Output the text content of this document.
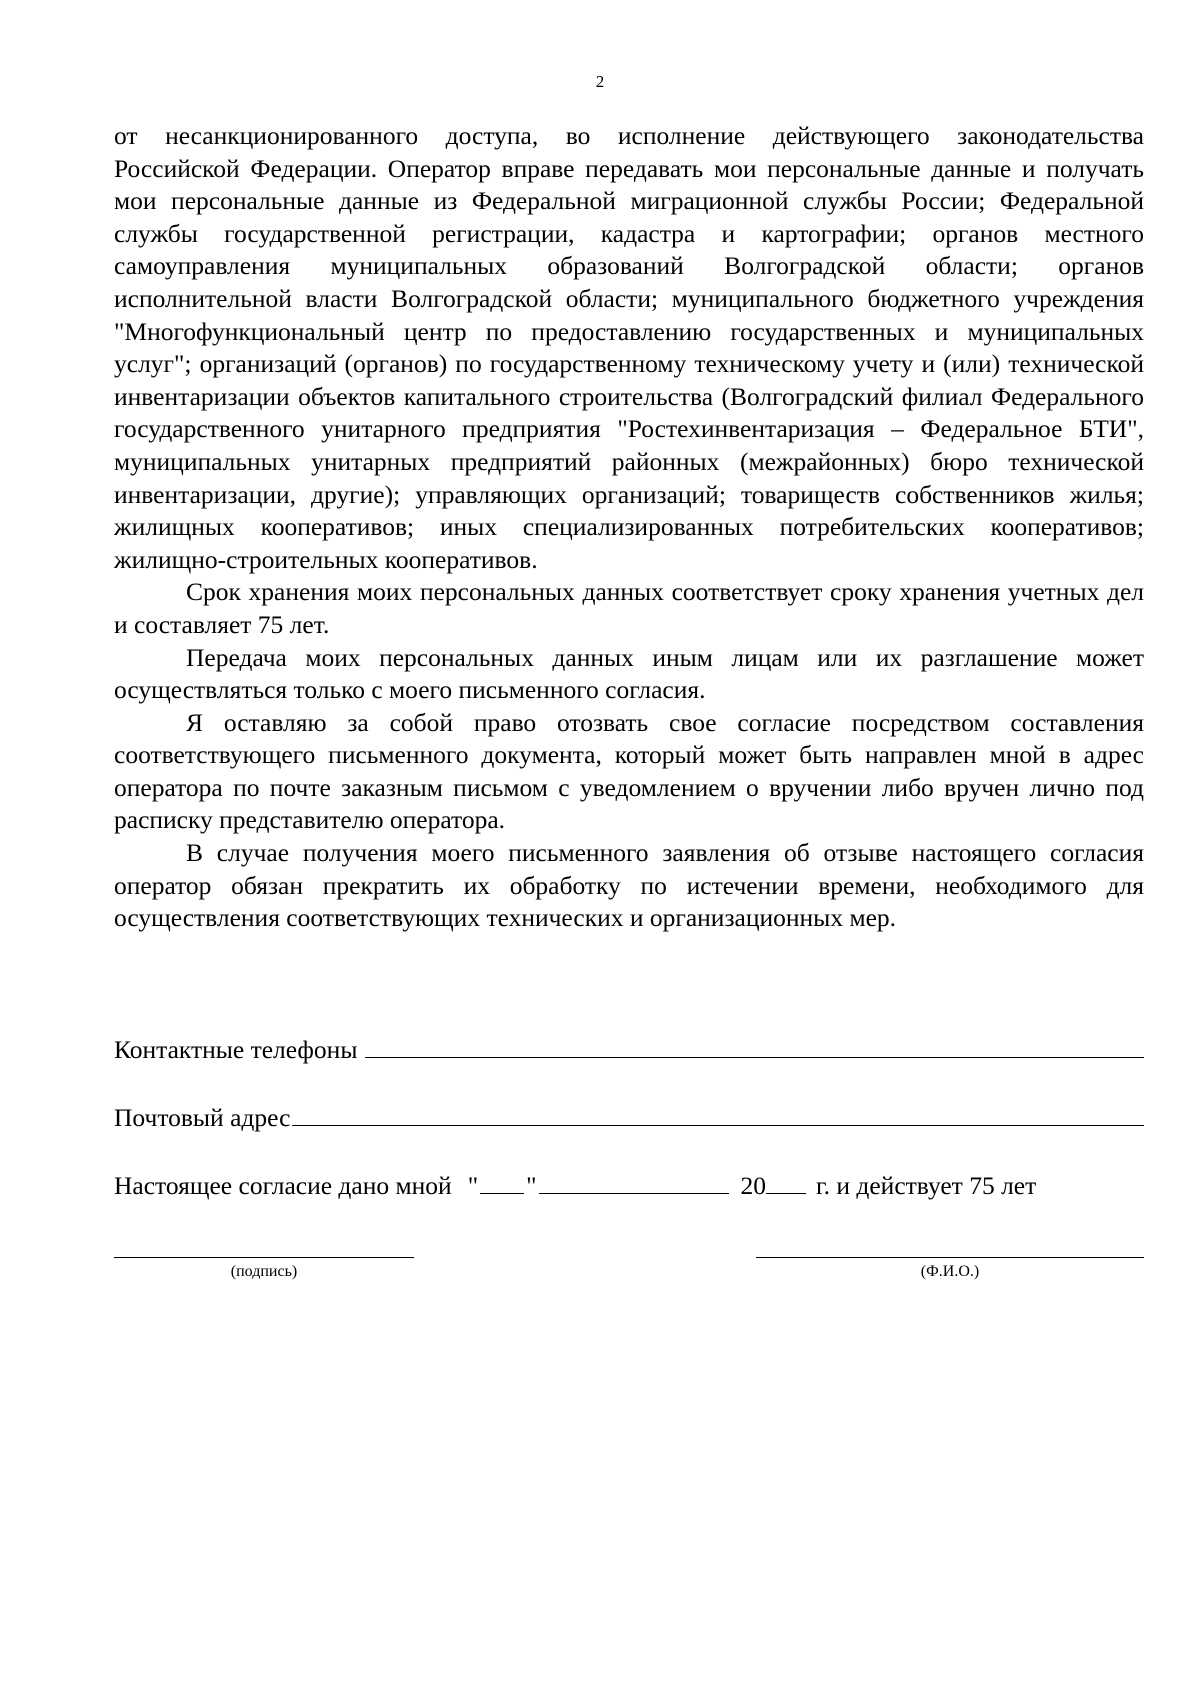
2

от несанкционированного доступа, во исполнение действующего законодательства Российской Федерации. Оператор вправе передавать мои персональные данные и получать мои персональные данные из Федеральной миграционной службы России; Федеральной службы государственной регистрации, кадастра и картографии; органов местного самоуправления муниципальных образований Волгоградской области; органов исполнительной власти Волгоградской области; муниципального бюджетного учреждения "Многофункциональный центр по предоставлению государственных и муниципальных услуг"; организаций (органов) по государственному техническому учету и (или) технической инвентаризации объектов капитального строительства (Волгоградский филиал Федерального государственного унитарного предприятия "Ростехинвентаризация – Федеральное БТИ", муниципальных унитарных предприятий районных (межрайонных) бюро технической инвентаризации, другие); управляющих организаций; товариществ собственников жилья; жилищных кооперативов; иных специализированных потребительских кооперативов; жилищно-строительных кооперативов.

Срок хранения моих персональных данных соответствует сроку хранения учетных дел и составляет 75 лет.

Передача моих персональных данных иным лицам или их разглашение может осуществляться только с моего письменного согласия.

Я оставляю за собой право отозвать свое согласие посредством составления соответствующего письменного документа, который может быть направлен мной в адрес оператора по почте заказным письмом с уведомлением о вручении либо вручен лично под расписку представителю оператора.

В случае получения моего письменного заявления об отзыве настоящего согласия оператор обязан прекратить их обработку по истечении времени, необходимого для осуществления соответствующих технических и организационных мер.

Контактные телефоны
Почтовый адрес
Настоящее согласие дано мной " "	20 г. и действует 75 лет
(подпись)	(Ф.И.О.)
